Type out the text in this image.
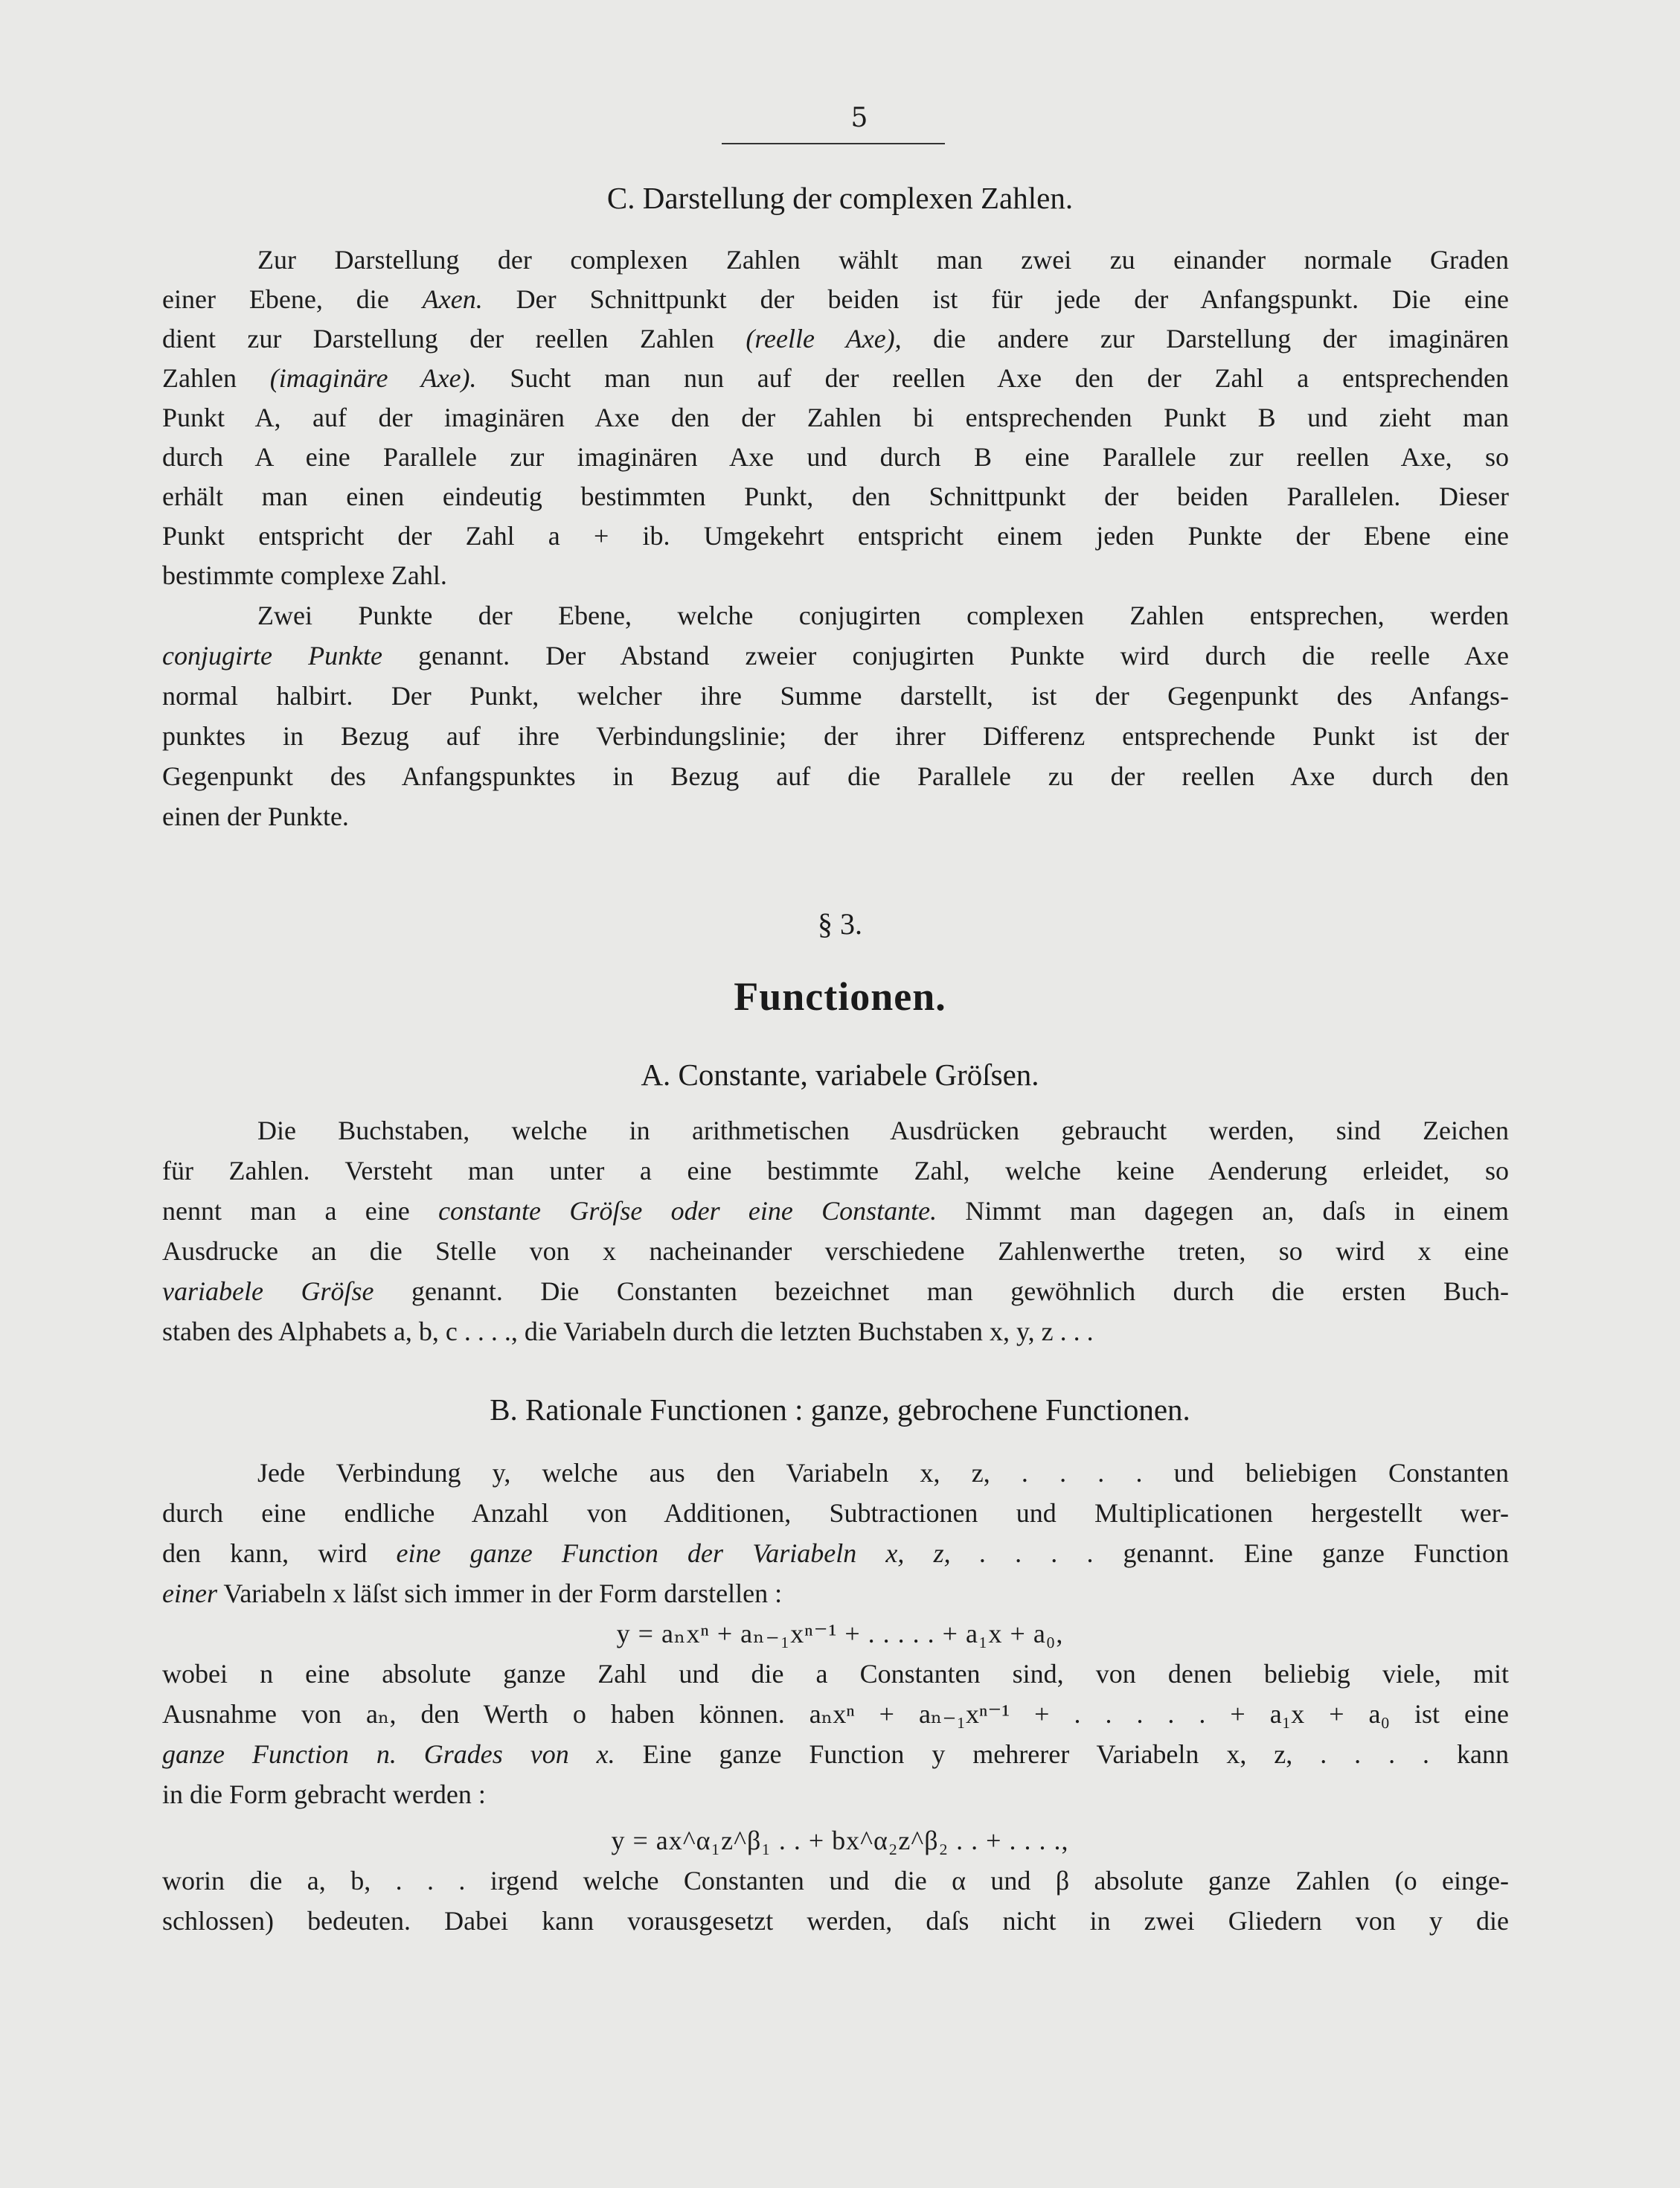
5
C. Darstellung der complexen Zahlen.
Zur Darstellung der complexen Zahlen wählt man zwei zu einander normale Graden
einer Ebene, die Axen. Der Schnittpunkt der beiden ist für jede der Anfangspunkt. Die eine
dient zur Darstellung der reellen Zahlen (reelle Axe), die andere zur Darstellung der imaginären
Zahlen (imaginäre Axe). Sucht man nun auf der reellen Axe den der Zahl a entsprechenden
Punkt A, auf der imaginären Axe den der Zahlen bi entsprechenden Punkt B und zieht man
durch A eine Parallele zur imaginären Axe und durch B eine Parallele zur reellen Axe, so
erhält man einen eindeutig bestimmten Punkt, den Schnittpunkt der beiden Parallelen. Dieser
Punkt entspricht der Zahl a + ib. Umgekehrt entspricht einem jeden Punkte der Ebene eine
bestimmte complexe Zahl.
Zwei Punkte der Ebene, welche conjugirten complexen Zahlen entsprechen, werden
conjugirte Punkte genannt. Der Abstand zweier conjugirten Punkte wird durch die reelle Axe
normal halbirt. Der Punkt, welcher ihre Summe darstellt, ist der Gegenpunkt des Anfangs-
punktes in Bezug auf ihre Verbindungslinie; der ihrer Differenz entsprechende Punkt ist der
Gegenpunkt des Anfangspunktes in Bezug auf die Parallele zu der reellen Axe durch den
einen der Punkte.
§ 3.
Functionen.
A. Constante, variabele Gröſsen.
Die Buchstaben, welche in arithmetischen Ausdrücken gebraucht werden, sind Zeichen
für Zahlen. Versteht man unter a eine bestimmte Zahl, welche keine Aenderung erleidet, so
nennt man a eine constante Gröſse oder eine Constante. Nimmt man dagegen an, daſs in einem
Ausdrucke an die Stelle von x nacheinander verschiedene Zahlenwerthe treten, so wird x eine
variabele Gröſse genannt. Die Constanten bezeichnet man gewöhnlich durch die ersten Buch-
staben des Alphabets a, b, c . . . ., die Variabeln durch die letzten Buchstaben x, y, z . . .
B. Rationale Functionen : ganze, gebrochene Functionen.
Jede Verbindung y, welche aus den Variabeln x, z, . . . . und beliebigen Constanten
durch eine endliche Anzahl von Additionen, Subtractionen und Multiplicationen hergestellt wer-
den kann, wird eine ganze Function der Variabeln x, z, . . . . genannt. Eine ganze Function
einer Variabeln x läſst sich immer in der Form darstellen :
y = aₙxⁿ + aₙ₋₁xⁿ⁻¹ + . . . . . + a₁x + a₀,
wobei n eine absolute ganze Zahl und die a Constanten sind, von denen beliebig viele, mit
Ausnahme von aₙ, den Werth o haben können. aₙxⁿ + aₙ₋₁xⁿ⁻¹ + . . . . . + a₁x + a₀ ist eine
ganze Function n. Grades von x. Eine ganze Function y mehrerer Variabeln x, z, . . . . kann
in die Form gebracht werden :
y = ax^α₁z^β₁ . . + bx^α₂z^β₂ . . + . . . .,
worin die a, b, . . . irgend welche Constanten und die α und β absolute ganze Zahlen (o einge-
schlossen) bedeuten. Dabei kann vorausgesetzt werden, daſs nicht in zwei Gliedern von y die
